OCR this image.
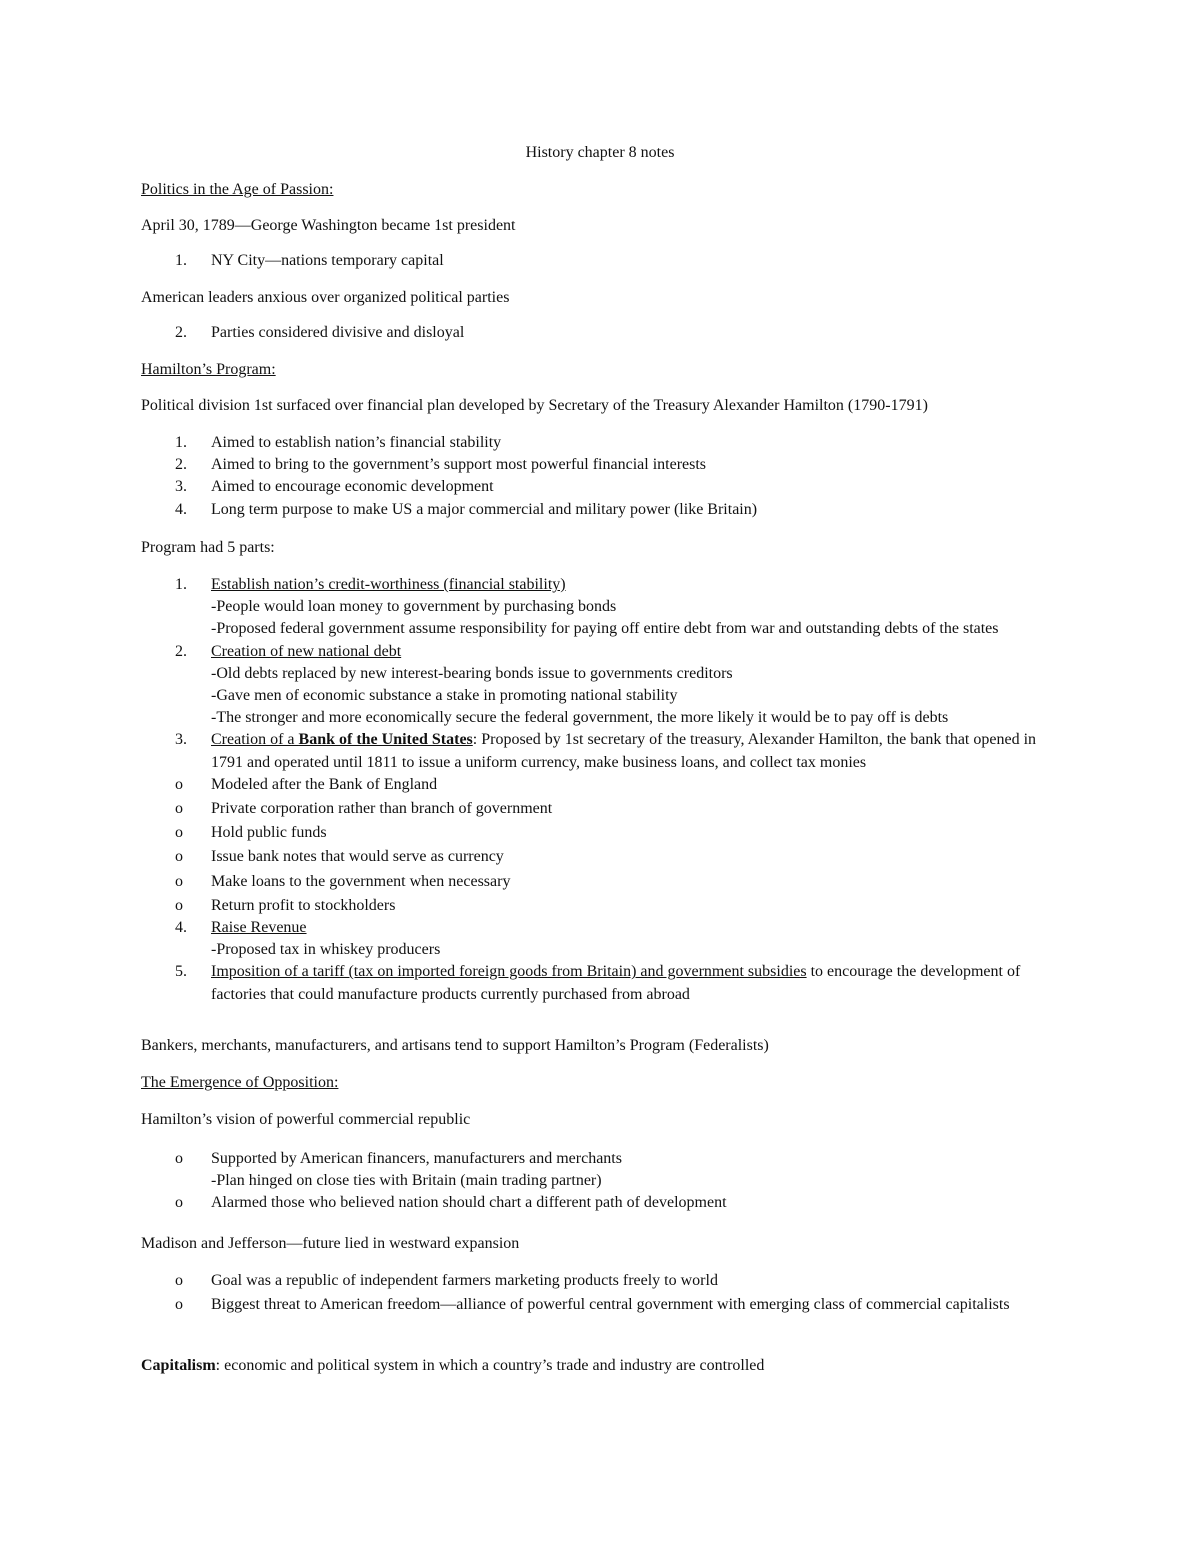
History chapter 8 notes
Politics in the Age of Passion:
April 30, 1789—George Washington became 1st president
1. NY City—nations temporary capital
American leaders anxious over organized political parties
2. Parties considered divisive and disloyal
Hamilton’s Program:
Political division 1st surfaced over financial plan developed by Secretary of the Treasury Alexander Hamilton (1790-1791)
1. Aimed to establish nation’s financial stability
2. Aimed to bring to the government’s support most powerful financial interests
3. Aimed to encourage economic development
4. Long term purpose to make US a major commercial and military power (like Britain)
Program had 5 parts:
1. Establish nation’s credit-worthiness (financial stability)
-People would loan money to government by purchasing bonds
-Proposed federal government assume responsibility for paying off entire debt from war and outstanding debts of the states
2. Creation of new national debt
-Old debts replaced by new interest-bearing bonds issue to governments creditors
-Gave men of economic substance a stake in promoting national stability
-The stronger and more economically secure the federal government, the more likely it would be to pay off is debts
3. Creation of a Bank of the United States: Proposed by 1st secretary of the treasury, Alexander Hamilton, the bank that opened in 1791 and operated until 1811 to issue a uniform currency, make business loans, and collect tax monies
o Modeled after the Bank of England
o Private corporation rather than branch of government
o Hold public funds
o Issue bank notes that would serve as currency
o Make loans to the government when necessary
o Return profit to stockholders
4. Raise Revenue
-Proposed tax in whiskey producers
5. Imposition of a tariff (tax on imported foreign goods from Britain) and government subsidies to encourage the development of factories that could manufacture products currently purchased from abroad
Bankers, merchants, manufacturers, and artisans tend to support Hamilton’s Program (Federalists)
The Emergence of Opposition:
Hamilton’s vision of powerful commercial republic
o Supported by American financers, manufacturers and merchants
-Plan hinged on close ties with Britain (main trading partner)
o Alarmed those who believed nation should chart a different path of development
Madison and Jefferson—future lied in westward expansion
o Goal was a republic of independent farmers marketing products freely to world
o Biggest threat to American freedom—alliance of powerful central government with emerging class of commercial capitalists
Capitalism: economic and political system in which a country’s trade and industry are controlled
